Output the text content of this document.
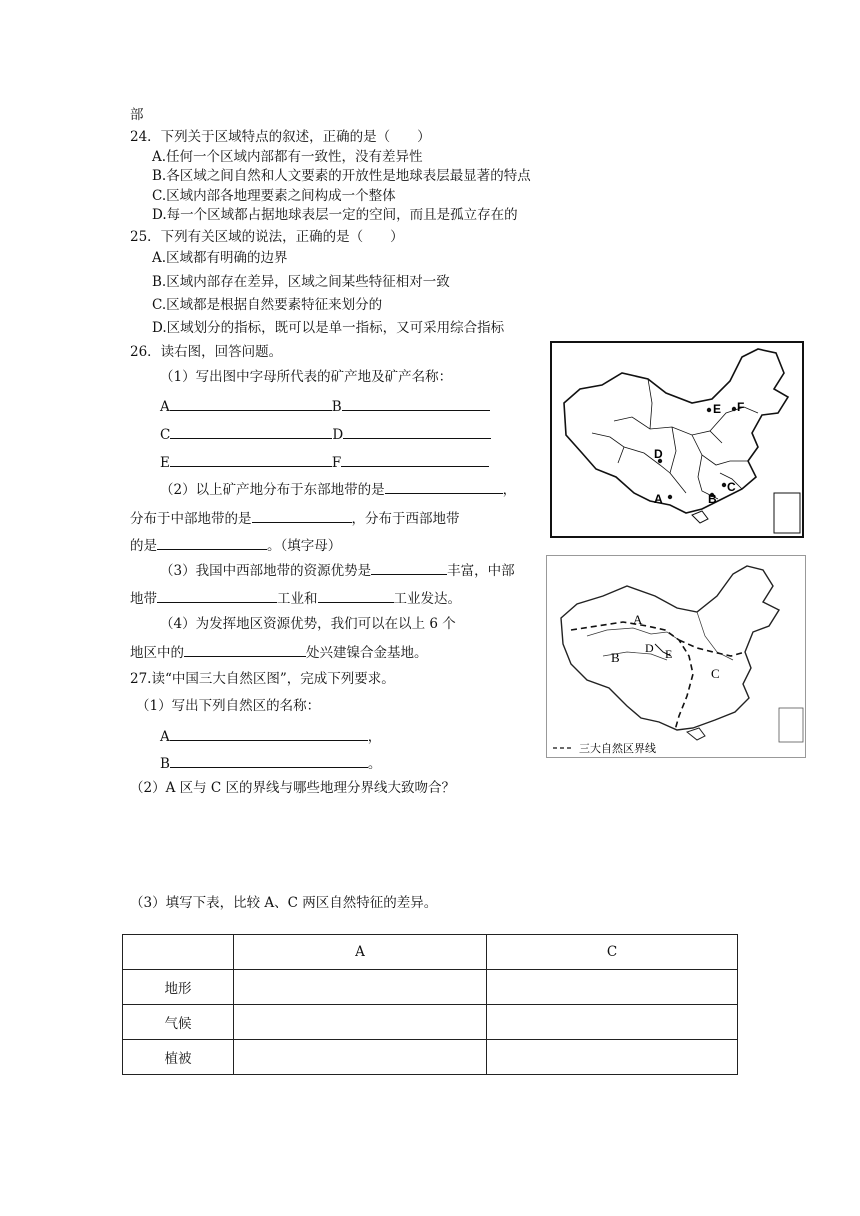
部
24．下列关于区域特点的叙述，正确的是（　　）
A.任何一个区域内部都有一致性，没有差异性
B.各区域之间自然和人文要素的开放性是地球表层最显著的特点
C.区域内部各地理要素之间构成一个整体
D.每一个区域都占据地球表层一定的空间，而且是孤立存在的
25．下列有关区域的说法，正确的是（　　）
A.区域都有明确的边界
B.区域内部存在差异，区域之间某些特征相对一致
C.区域都是根据自然要素特征来划分的
D.区域划分的指标，既可以是单一指标，又可采用综合指标
26．读右图，回答问题。
（1）写出图中字母所代表的矿产地及矿产名称：
A	B
C	D
E	F
（2）以上矿产地分布于东部地带的是	，
分布于中部地带的是	，分布于西部地带
的是	。（填字母）
（3）我国中西部地带的资源优势是	丰富，中部
地带	工业和	工业发达。
（4）为发挥地区资源优势，我们可以在以上 6 个
地区中的	处兴建镍合金基地。
27.读“中国三大自然区图”，完成下列要求。
（1）写出下列自然区的名称：
A	，
B	。
（2）A 区与 C 区的界线与哪些地理分界线大致吻合？
（3）填写下表，比较 A、C 两区自然特征的差异。
A	B
C
D
E F
A
B
C
D E
三大自然区界线
	A	C
地形		
气候		
植被		
